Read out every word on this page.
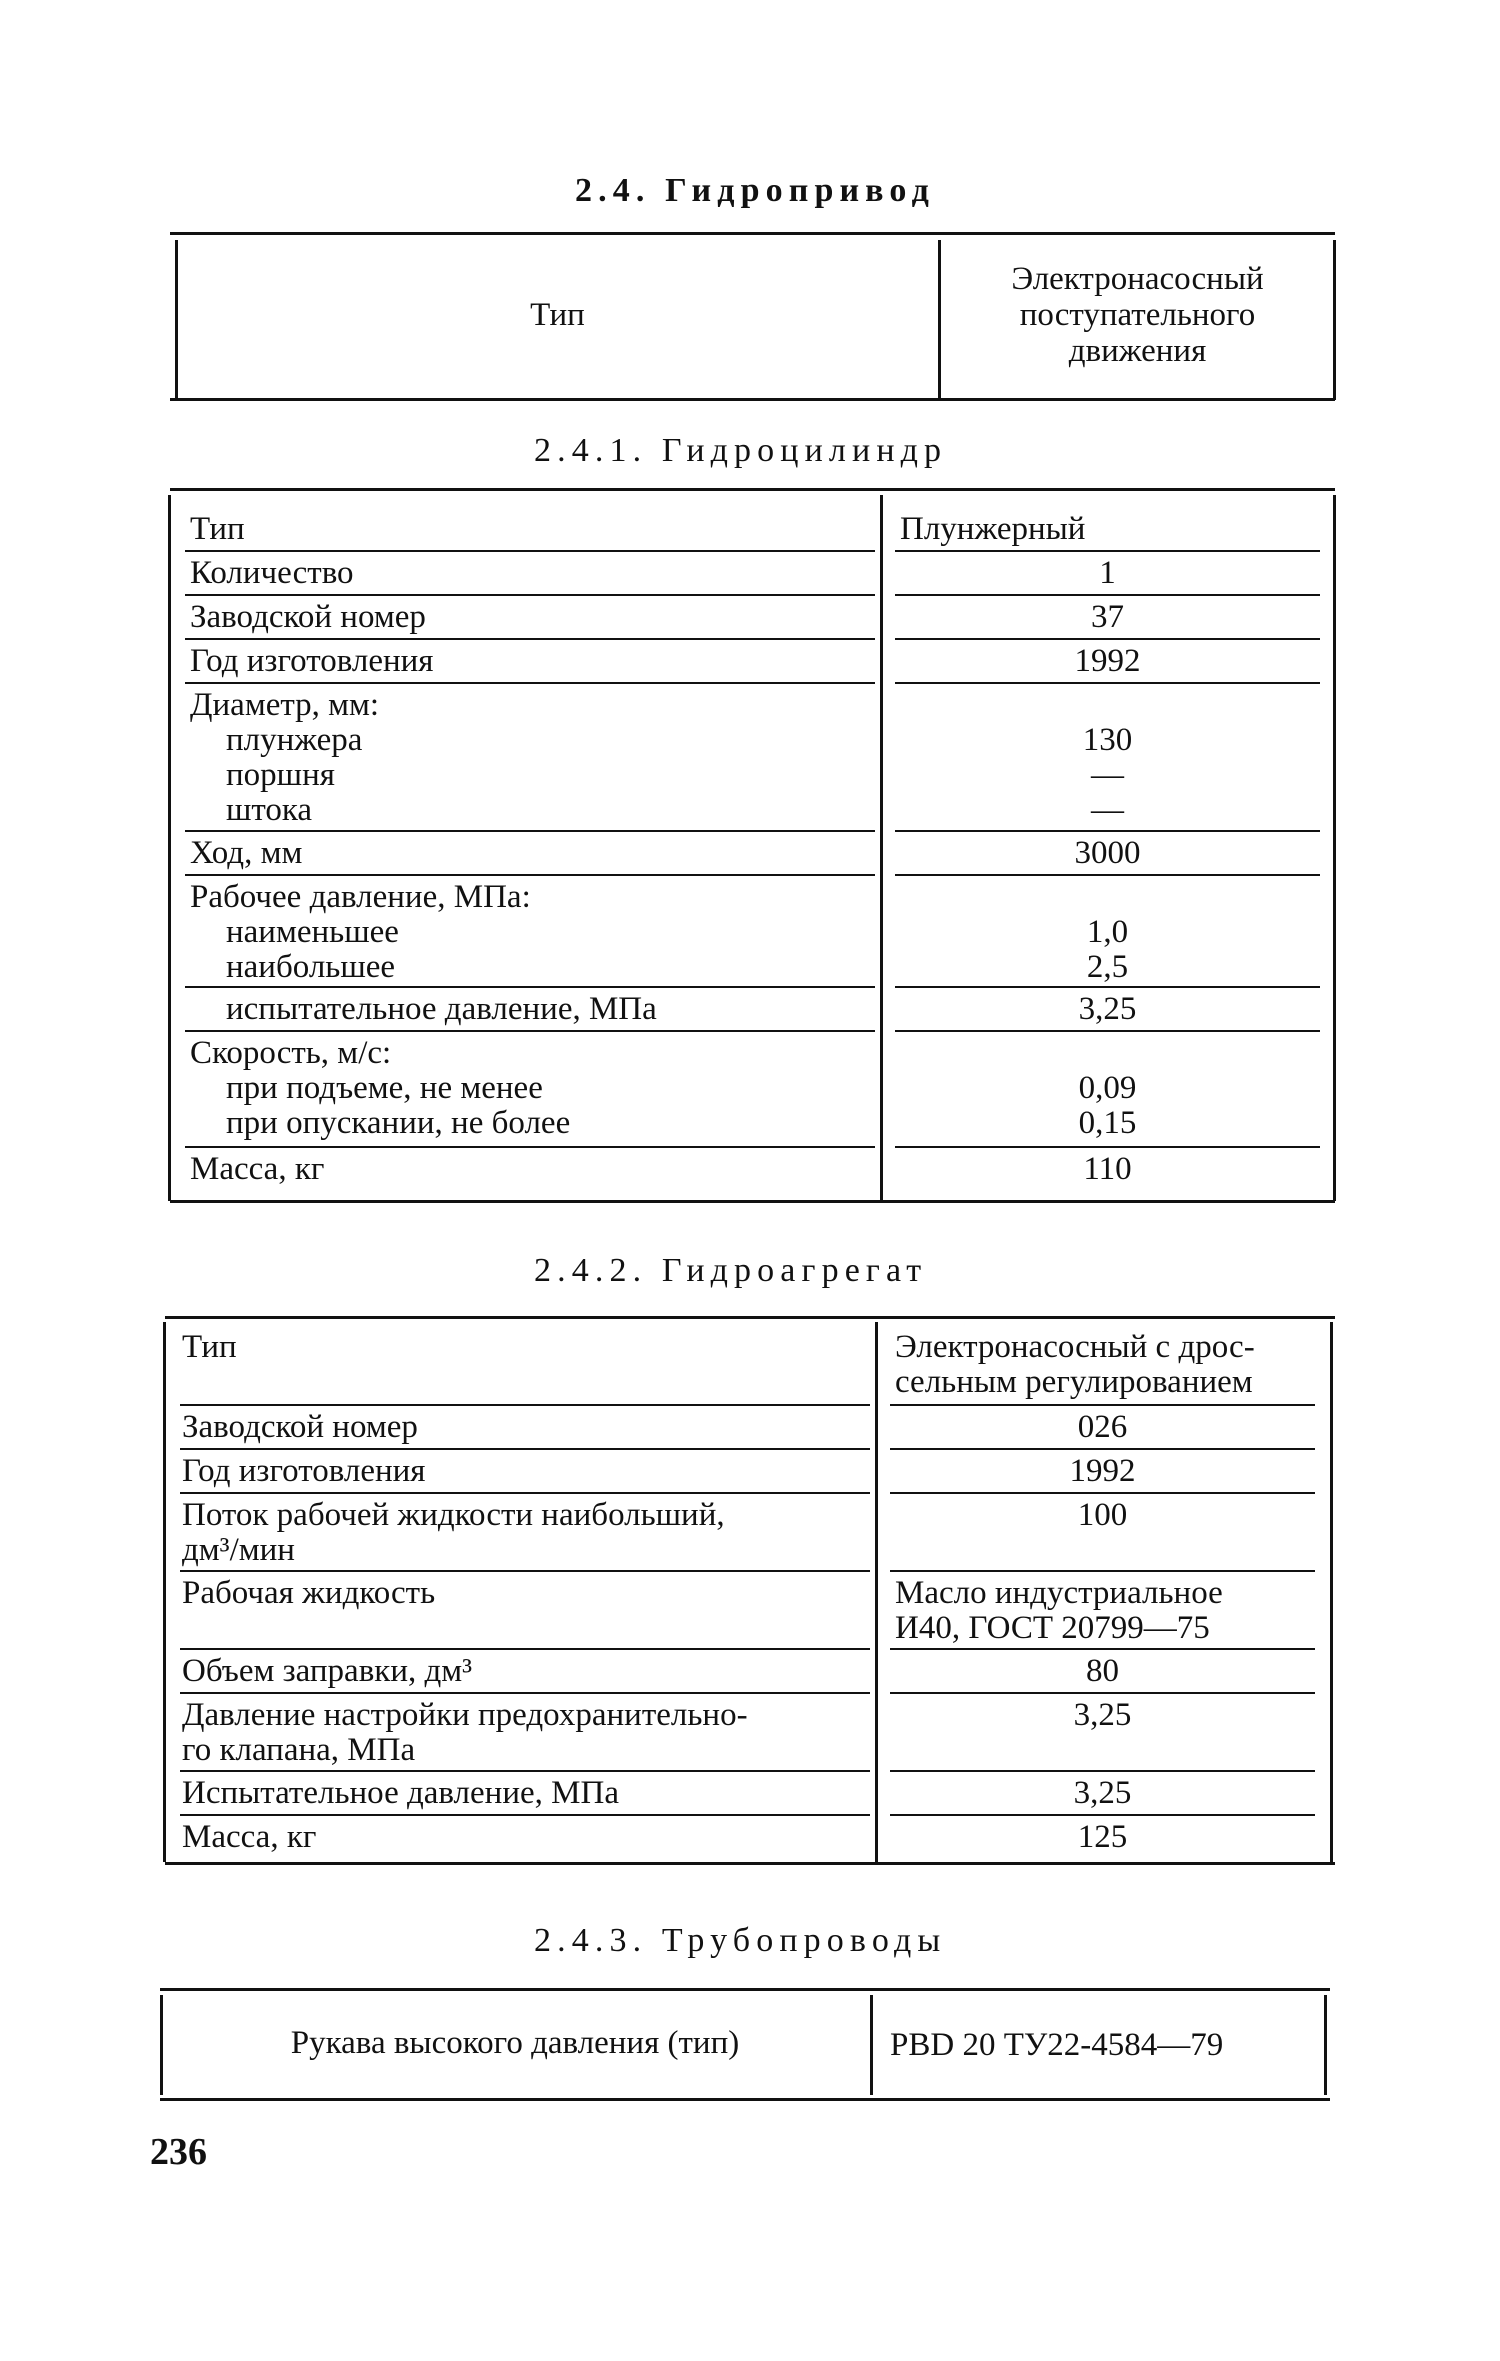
2.4. Гидропривод
Тип
Электронасосный
поступательного
движения
2.4.1. Гидроцилиндр
Тип
Количество
Заводской номер
Год изготовления
Диаметр, мм:
плунжера
поршня
штока
Ход, мм
Рабочее давление, МПа:
наименьшее
наибольшее
испытательное давление, МПа
Скорость, м/с:
при подъеме, не менее
при опускании, не более
Масса, кг
Плунжерный
1
37
1992
130
—
—
3000
1,0
2,5
3,25
0,09
0,15
110
2.4.2. Гидроагрегат
Тип
Заводской номер
Год изготовления
Поток рабочей жидкости наибольший,
дм³/мин
Рабочая жидкость
Объем заправки, дм³
Давление настройки предохранительно-
го клапана, МПа
Испытательное давление, МПа
Масса, кг
Электронасосный с дрос-
сельным регулированием
026
1992
100
Масло индустриальное
И40, ГОСТ 20799—75
80
3,25
3,25
125
2.4.3. Трубопроводы
Рукава высокого давления (тип)	PBD 20 ТУ22-4584—79
236
